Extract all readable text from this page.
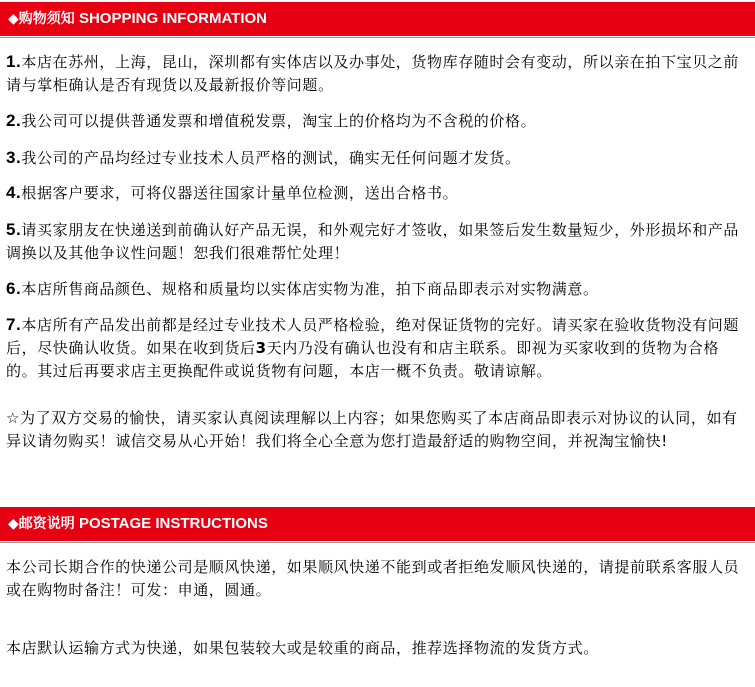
◆购物须知 SHOPPING INFORMATION
1.本店在苏州，上海，昆山，深圳都有实体店以及办事处，货物库存随时会有变动，所以亲在拍下宝贝之前请与掌柜确认是否有现货以及最新报价等问题。
2.我公司可以提供普通发票和增值税发票，淘宝上的价格均为不含税的价格。
3.我公司的产品均经过专业技术人员严格的测试，确实无任何问题才发货。
4.根据客户要求，可将仪器送往国家计量单位检测，送出合格书。
5.请买家朋友在快递送到前确认好产品无误，和外观完好才签收，如果签后发生数量短少，外形损坏和产品调换以及其他争议性问题！恕我们很难帮忙处理！
6.本店所售商品颜色、规格和质量均以实体店实物为准，拍下商品即表示对实物满意。
7.本店所有产品发出前都是经过专业技术人员严格检验，绝对保证货物的完好。请买家在验收货物没有问题后，尽快确认收货。如果在收到货后3天内乃没有确认也没有和店主联系。即视为买家收到的货物为合格的。其过后再要求店主更换配件或说货物有问题，本店一概不负责。敬请谅解。
☆为了双方交易的愉快，请买家认真阅读理解以上内容；如果您购买了本店商品即表示对协议的认同，如有异议请勿购买！诚信交易从心开始！我们将全心全意为您打造最舒适的购物空间，并祝淘宝愉快!
◆邮资说明 POSTAGE INSTRUCTIONS
本公司长期合作的快递公司是顺风快递，如果顺风快递不能到或者拒绝发顺风快递的，请提前联系客服人员或在购物时备注！可发：申通，圆通。
本店默认运输方式为快递，如果包装较大或是较重的商品，推荐选择物流的发货方式。
